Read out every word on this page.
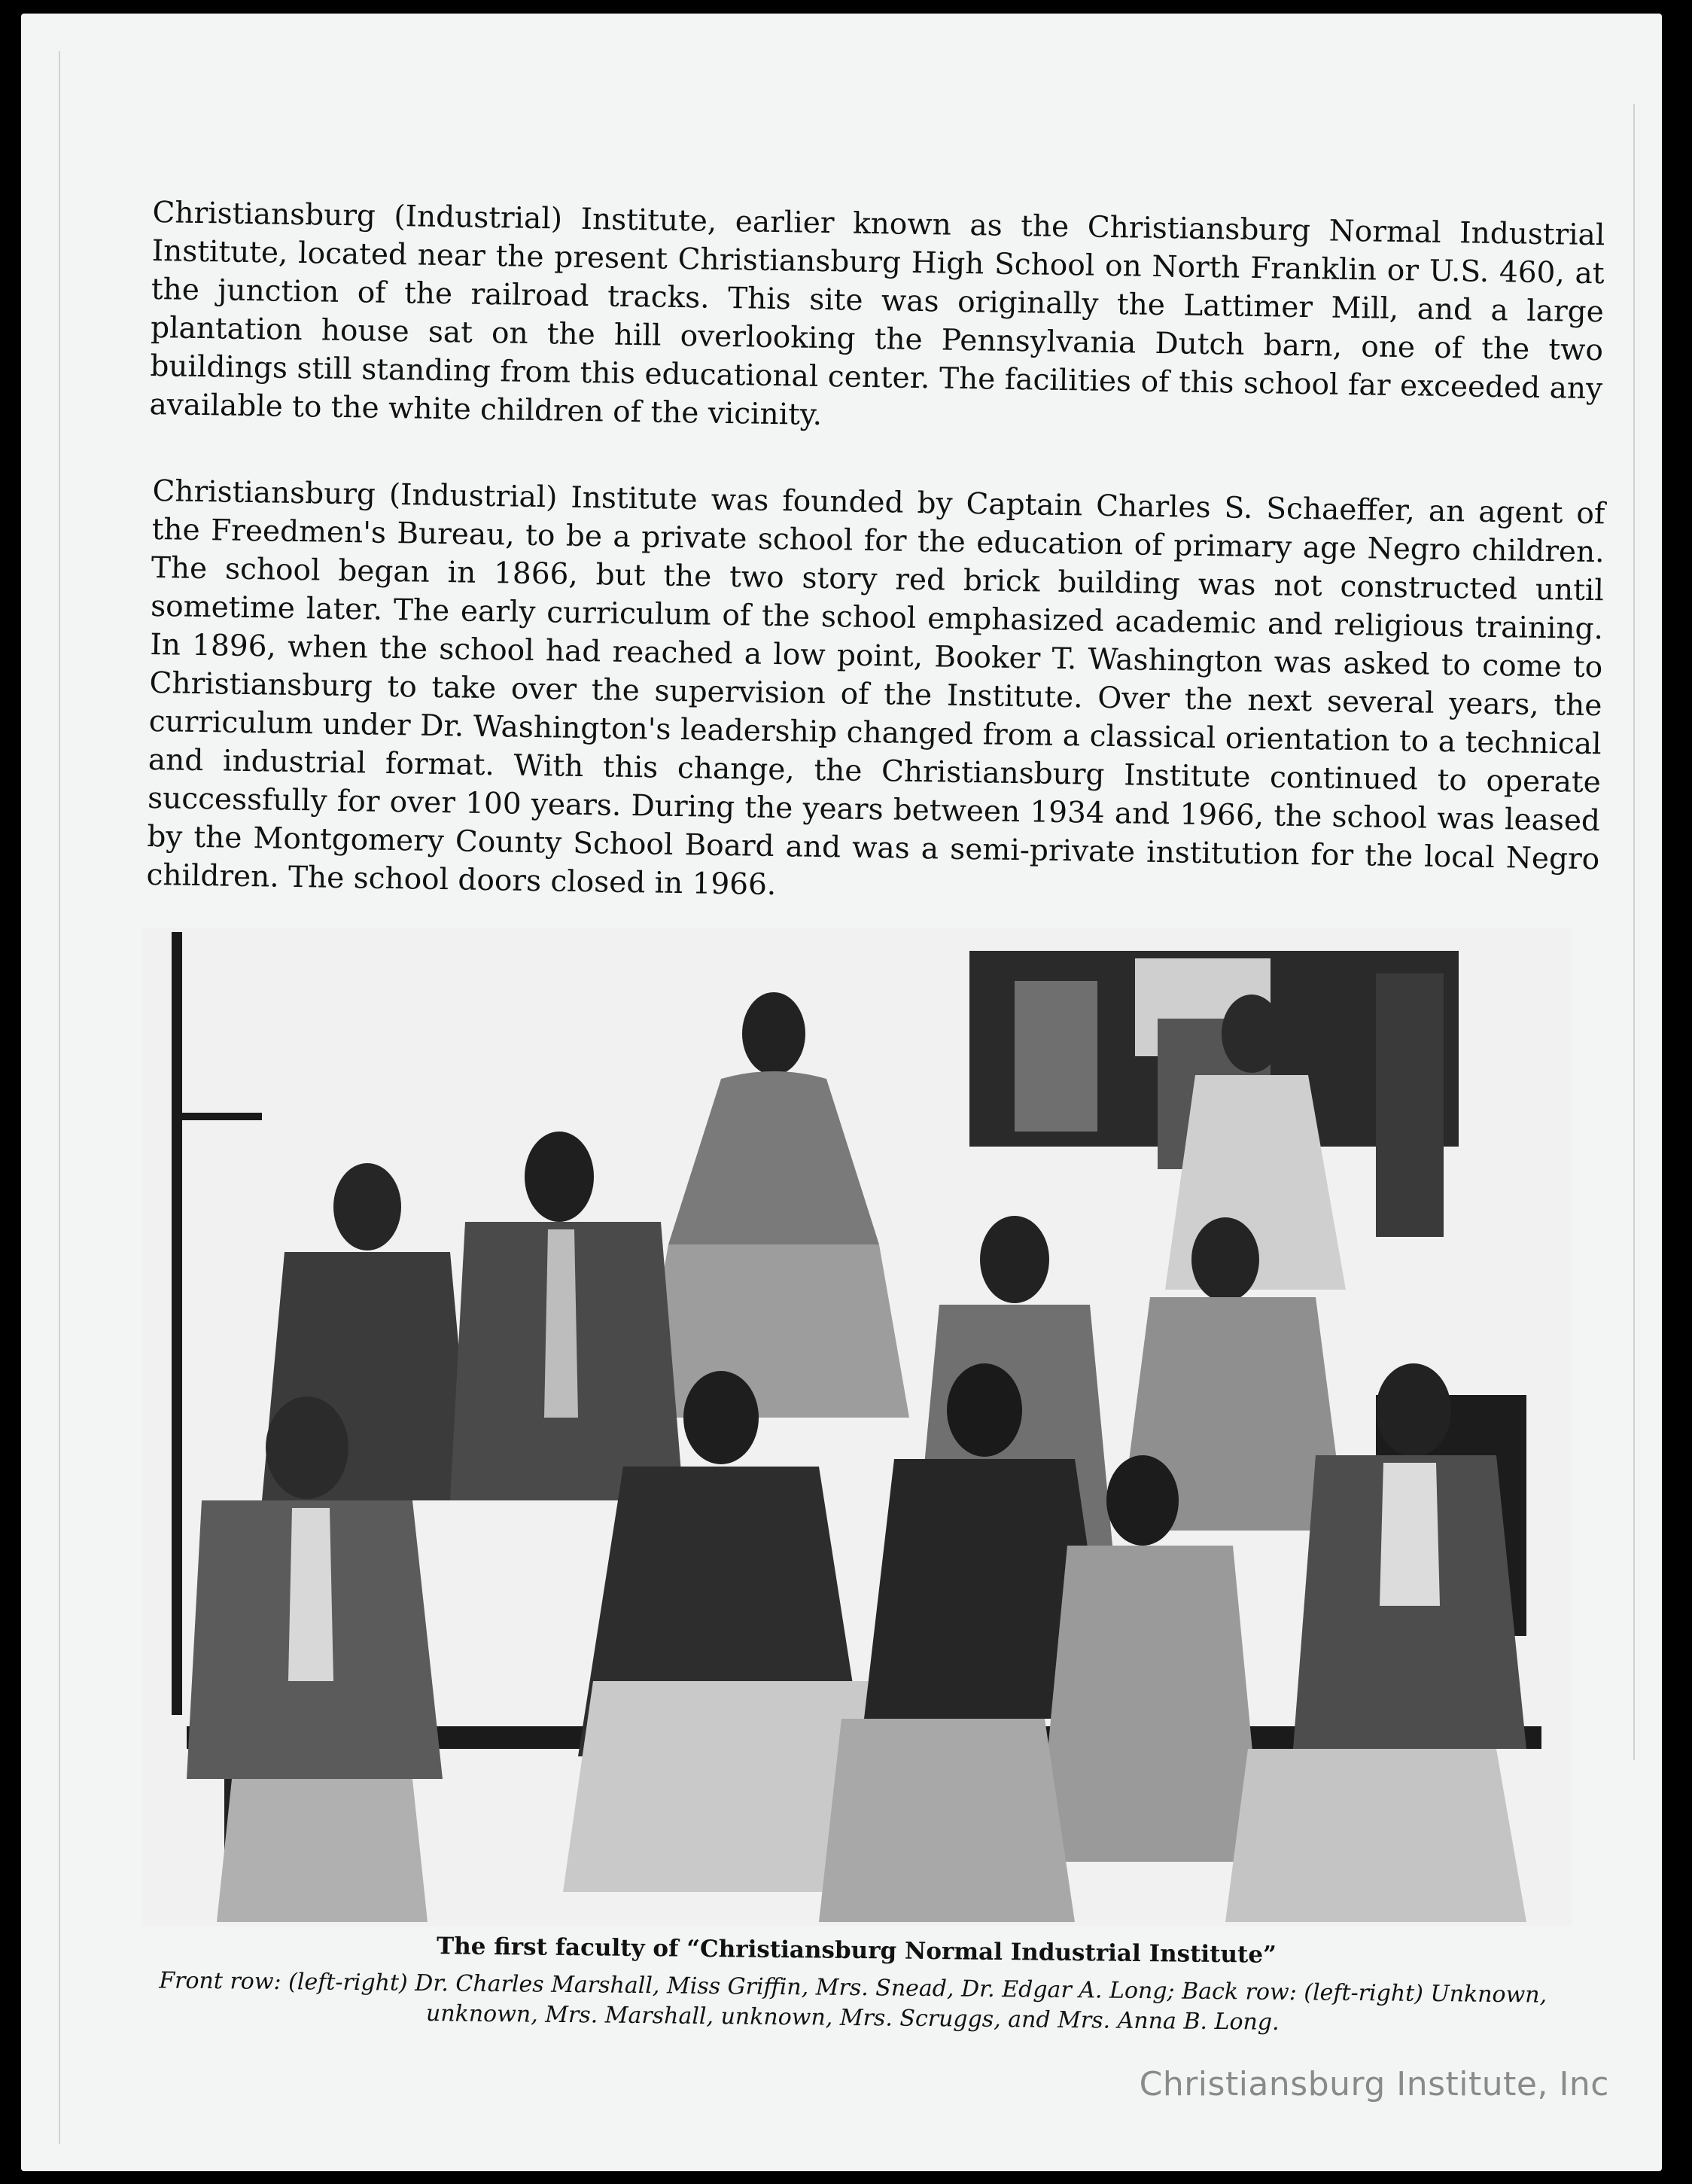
Christiansburg (Industrial) Institute, earlier known as the Christiansburg Normal Industrial Institute, located near the present Christiansburg High School on North Franklin or U.S. 460, at the junction of the railroad tracks. This site was originally the Lattimer Mill, and a large plantation house sat on the hill overlooking the Pennsylvania Dutch barn, one of the two buildings still standing from this educational center. The facilities of this school far exceeded any available to the white children of the vicinity.

Christiansburg (Industrial) Institute was founded by Captain Charles S. Schaeffer, an agent of the Freedmen's Bureau, to be a private school for the education of primary age Negro children. The school began in 1866, but the two story red brick building was not constructed until sometime later. The early curriculum of the school emphasized academic and religious training. In 1896, when the school had reached a low point, Booker T. Washington was asked to come to Christiansburg to take over the supervision of the Institute. Over the next several years, the curriculum under Dr. Washington's leadership changed from a classical orientation to a technical and industrial format. With this change, the Christiansburg Institute continued to operate successfully for over 100 years. During the years between 1934 and 1966, the school was leased by the Montgomery County School Board and was a semi-private institution for the local Negro children. The school doors closed in 1966.

The first faculty of “Christiansburg Normal Industrial Institute”
Front row: (left-right) Dr. Charles Marshall, Miss Griffin, Mrs. Snead, Dr. Edgar A. Long; Back row: (left-right) Unknown, unknown, Mrs. Marshall, unknown, Mrs. Scruggs, and Mrs. Anna B. Long.
Christiansburg Institute, Inc
